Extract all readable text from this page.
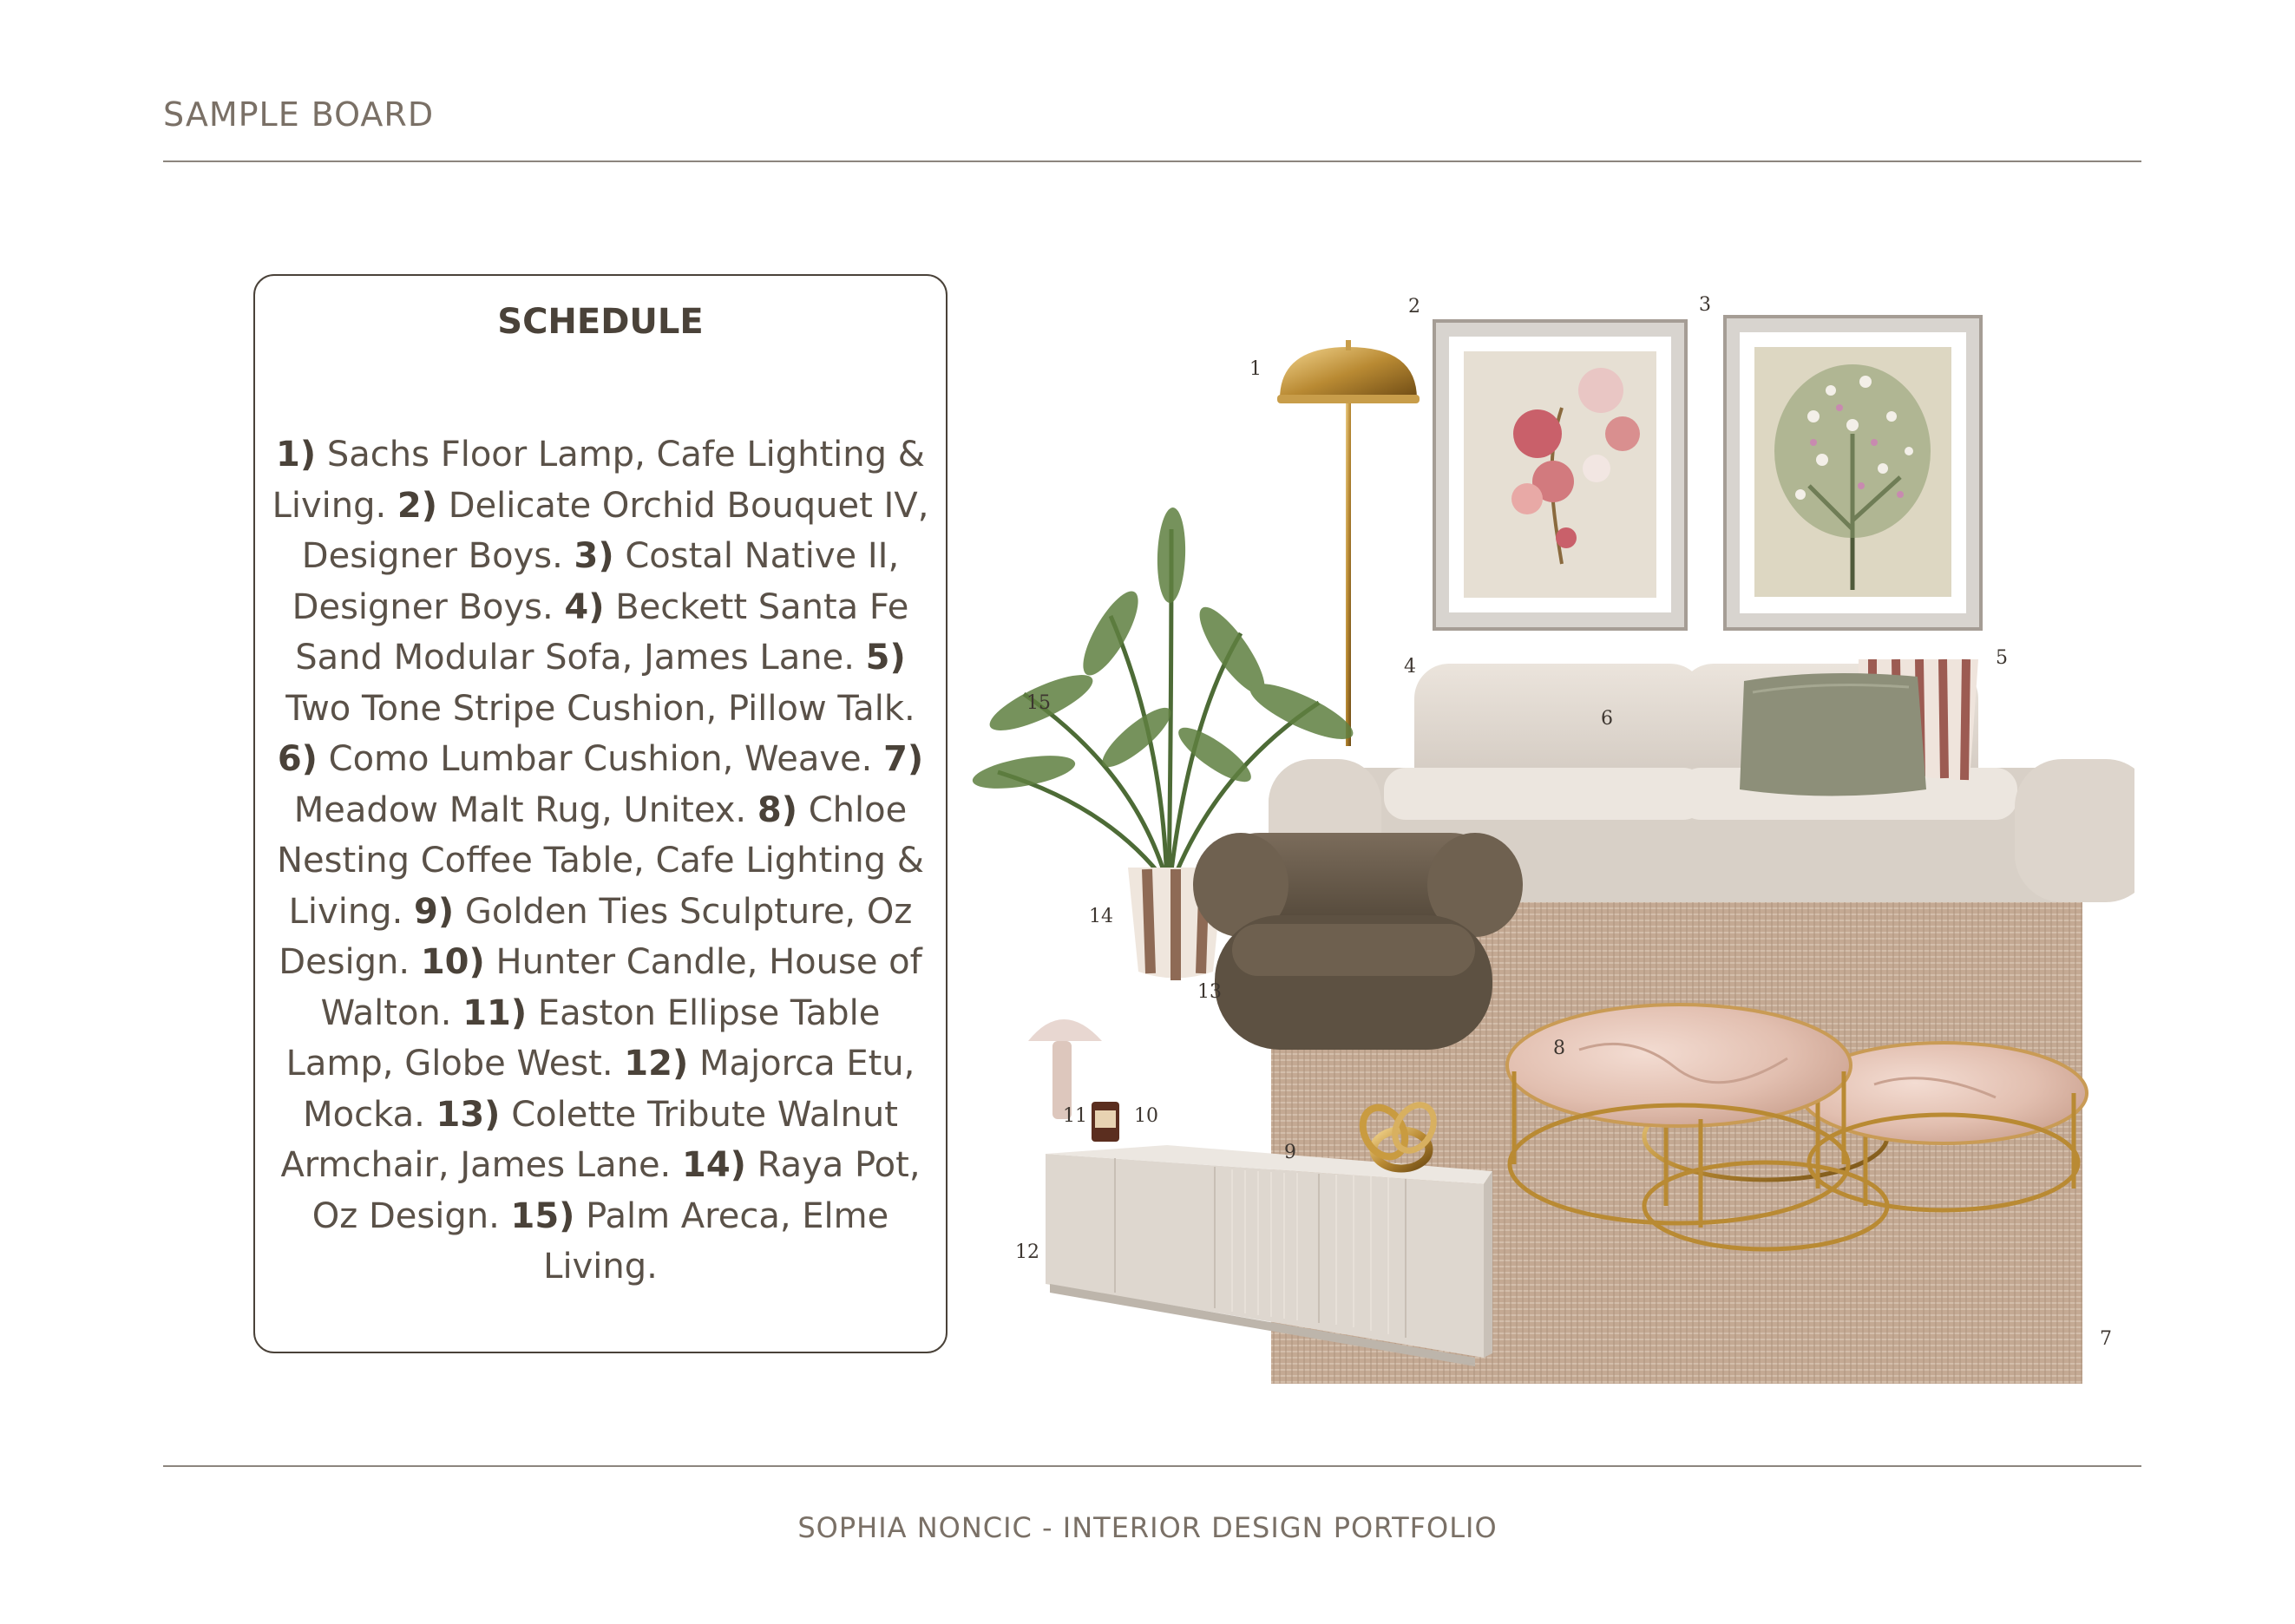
SAMPLE BOARD
SCHEDULE
1) Sachs Floor Lamp, Cafe Lighting & Living. 2) Delicate Orchid Bouquet IV, Designer Boys. 3) Costal Native II, Designer Boys. 4) Beckett Santa Fe Sand Modular Sofa, James Lane. 5) Two Tone Stripe Cushion, Pillow Talk. 6) Como Lumbar Cushion, Weave. 7) Meadow Malt Rug, Unitex. 8) Chloe Nesting Coffee Table, Cafe Lighting & Living. 9) Golden Ties Sculpture, Oz Design. 10) Hunter Candle, House of Walton. 11) Easton Ellipse Table Lamp, Globe West. 12) Majorca Etu, Mocka. 13) Colette Tribute Walnut Armchair, James Lane. 14) Raya Pot, Oz Design. 15) Palm Areca, Elme Living.
1
2	3
4	5
6
7
8
9
10
11
12
13
14
15
SOPHIA NONCIC - INTERIOR DESIGN PORTFOLIO
